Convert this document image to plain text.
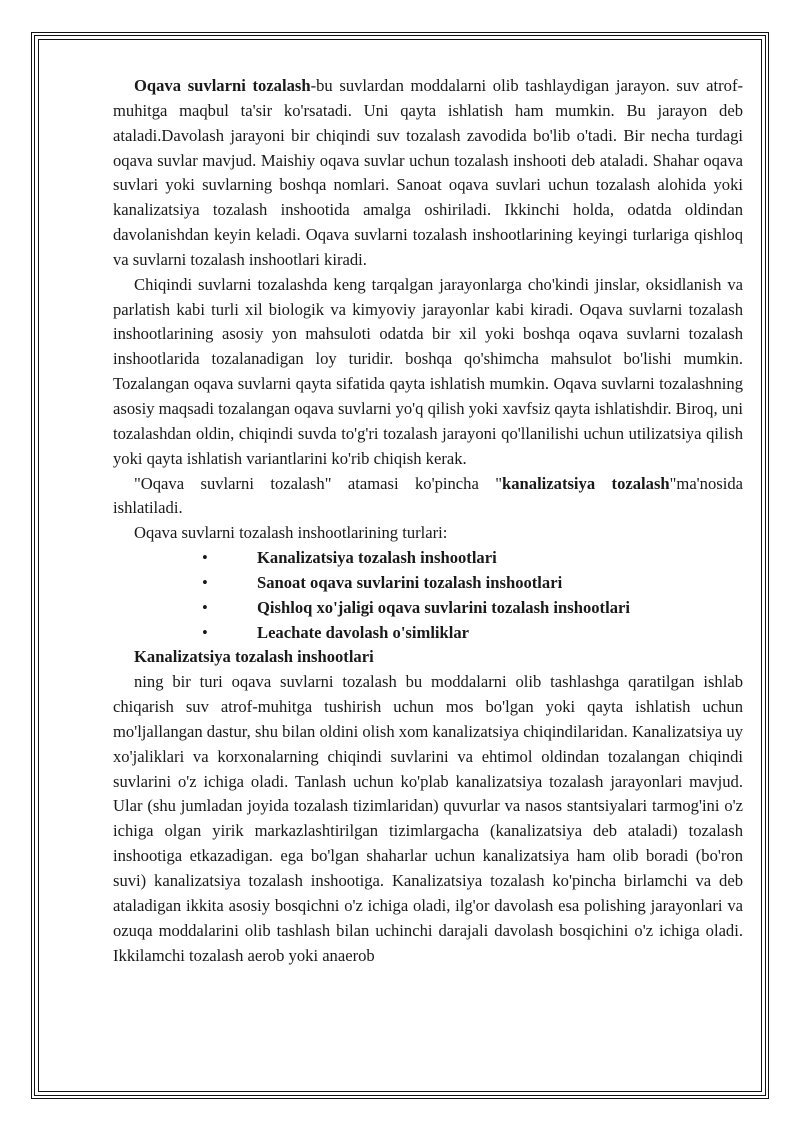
Oqava suvlarni tozalash-bu suvlardan moddalarni olib tashlaydigan jarayon. suv atrof-muhitga maqbul ta'sir ko'rsatadi. Uni qayta ishlatish ham mumkin. Bu jarayon deb ataladi.Davolash jarayoni bir chiqindi suv tozalash zavodida bo'lib o'tadi. Bir necha turdagi oqava suvlar mavjud. Maishiy oqava suvlar uchun tozalash inshooti deb ataladi. Shahar oqava suvlari yoki suvlarning boshqa nomlari. Sanoat oqava suvlari uchun tozalash alohida yoki kanalizatsiya tozalash inshootida amalga oshiriladi. Ikkinchi holda, odatda oldindan davolanishdan keyin keladi. Oqava suvlarni tozalash inshootlarining keyingi turlariga qishloq va suvlarni tozalash inshootlari kiradi.

Chiqindi suvlarni tozalashda keng tarqalgan jarayonlarga cho'kindi jinslar, oksidlanish va parlatish kabi turli xil biologik va kimyoviy jarayonlar kabi kiradi. Oqava suvlarni tozalash inshootlarining asosiy yon mahsuloti odatda bir xil yoki boshqa oqava suvlarni tozalash inshootlarida tozalanadigan loy turidir. boshqa qo'shimcha mahsulot bo'lishi mumkin. Tozalangan oqava suvlarni qayta sifatida qayta ishlatish mumkin. Oqava suvlarni tozalashning asosiy maqsadi tozalangan oqava suvlarni yo'q qilish yoki xavfsiz qayta ishlatishdir. Biroq, uni tozalashdan oldin, chiqindi suvda to'g'ri tozalash jarayoni qo'llanilishi uchun utilizatsiya qilish yoki qayta ishlatish variantlarini ko'rib chiqish kerak.

"Oqava suvlarni tozalash" atamasi ko'pincha "kanalizatsiya tozalash"ma'nosida ishlatiladi.

Oqava suvlarni tozalash inshootlarining turlari:

•	Kanalizatsiya tozalash inshootlari
•	Sanoat oqava suvlarini tozalash inshootlari
•	Qishloq xo'jaligi oqava suvlarini tozalash inshootlari
•	Leachate davolash o'simliklar
Kanalizatsiya tozalash inshootlari

ning bir turi oqava suvlarni tozalash bu moddalarni olib tashlashga qaratilgan ishlab chiqarish suv atrof-muhitga tushirish uchun mos bo'lgan yoki qayta ishlatish uchun mo'ljallangan dastur, shu bilan oldini olish xom kanalizatsiya chiqindilaridan. Kanalizatsiya uy xo'jaliklari va korxonalarning chiqindi suvlarini va ehtimol oldindan tozalangan chiqindi suvlarini o'z ichiga oladi. Tanlash uchun ko'plab kanalizatsiya tozalash jarayonlari mavjud. Ular (shu jumladan joyida tozalash tizimlaridan) quvurlar va nasos stantsiyalari tarmog'ini o'z ichiga olgan yirik markazlashtirilgan tizimlargacha (kanalizatsiya deb ataladi) tozalash inshootiga etkazadigan. ega bo'lgan shaharlar uchun kanalizatsiya ham olib boradi (bo'ron suvi) kanalizatsiya tozalash inshootiga. Kanalizatsiya tozalash ko'pincha birlamchi va deb ataladigan ikkita asosiy bosqichni o'z ichiga oladi, ilg'or davolash esa polishing jarayonlari va ozuqa moddalarini olib tashlash bilan uchinchi darajali davolash bosqichini o'z ichiga oladi. Ikkilamchi tozalash aerob yoki anaerob
